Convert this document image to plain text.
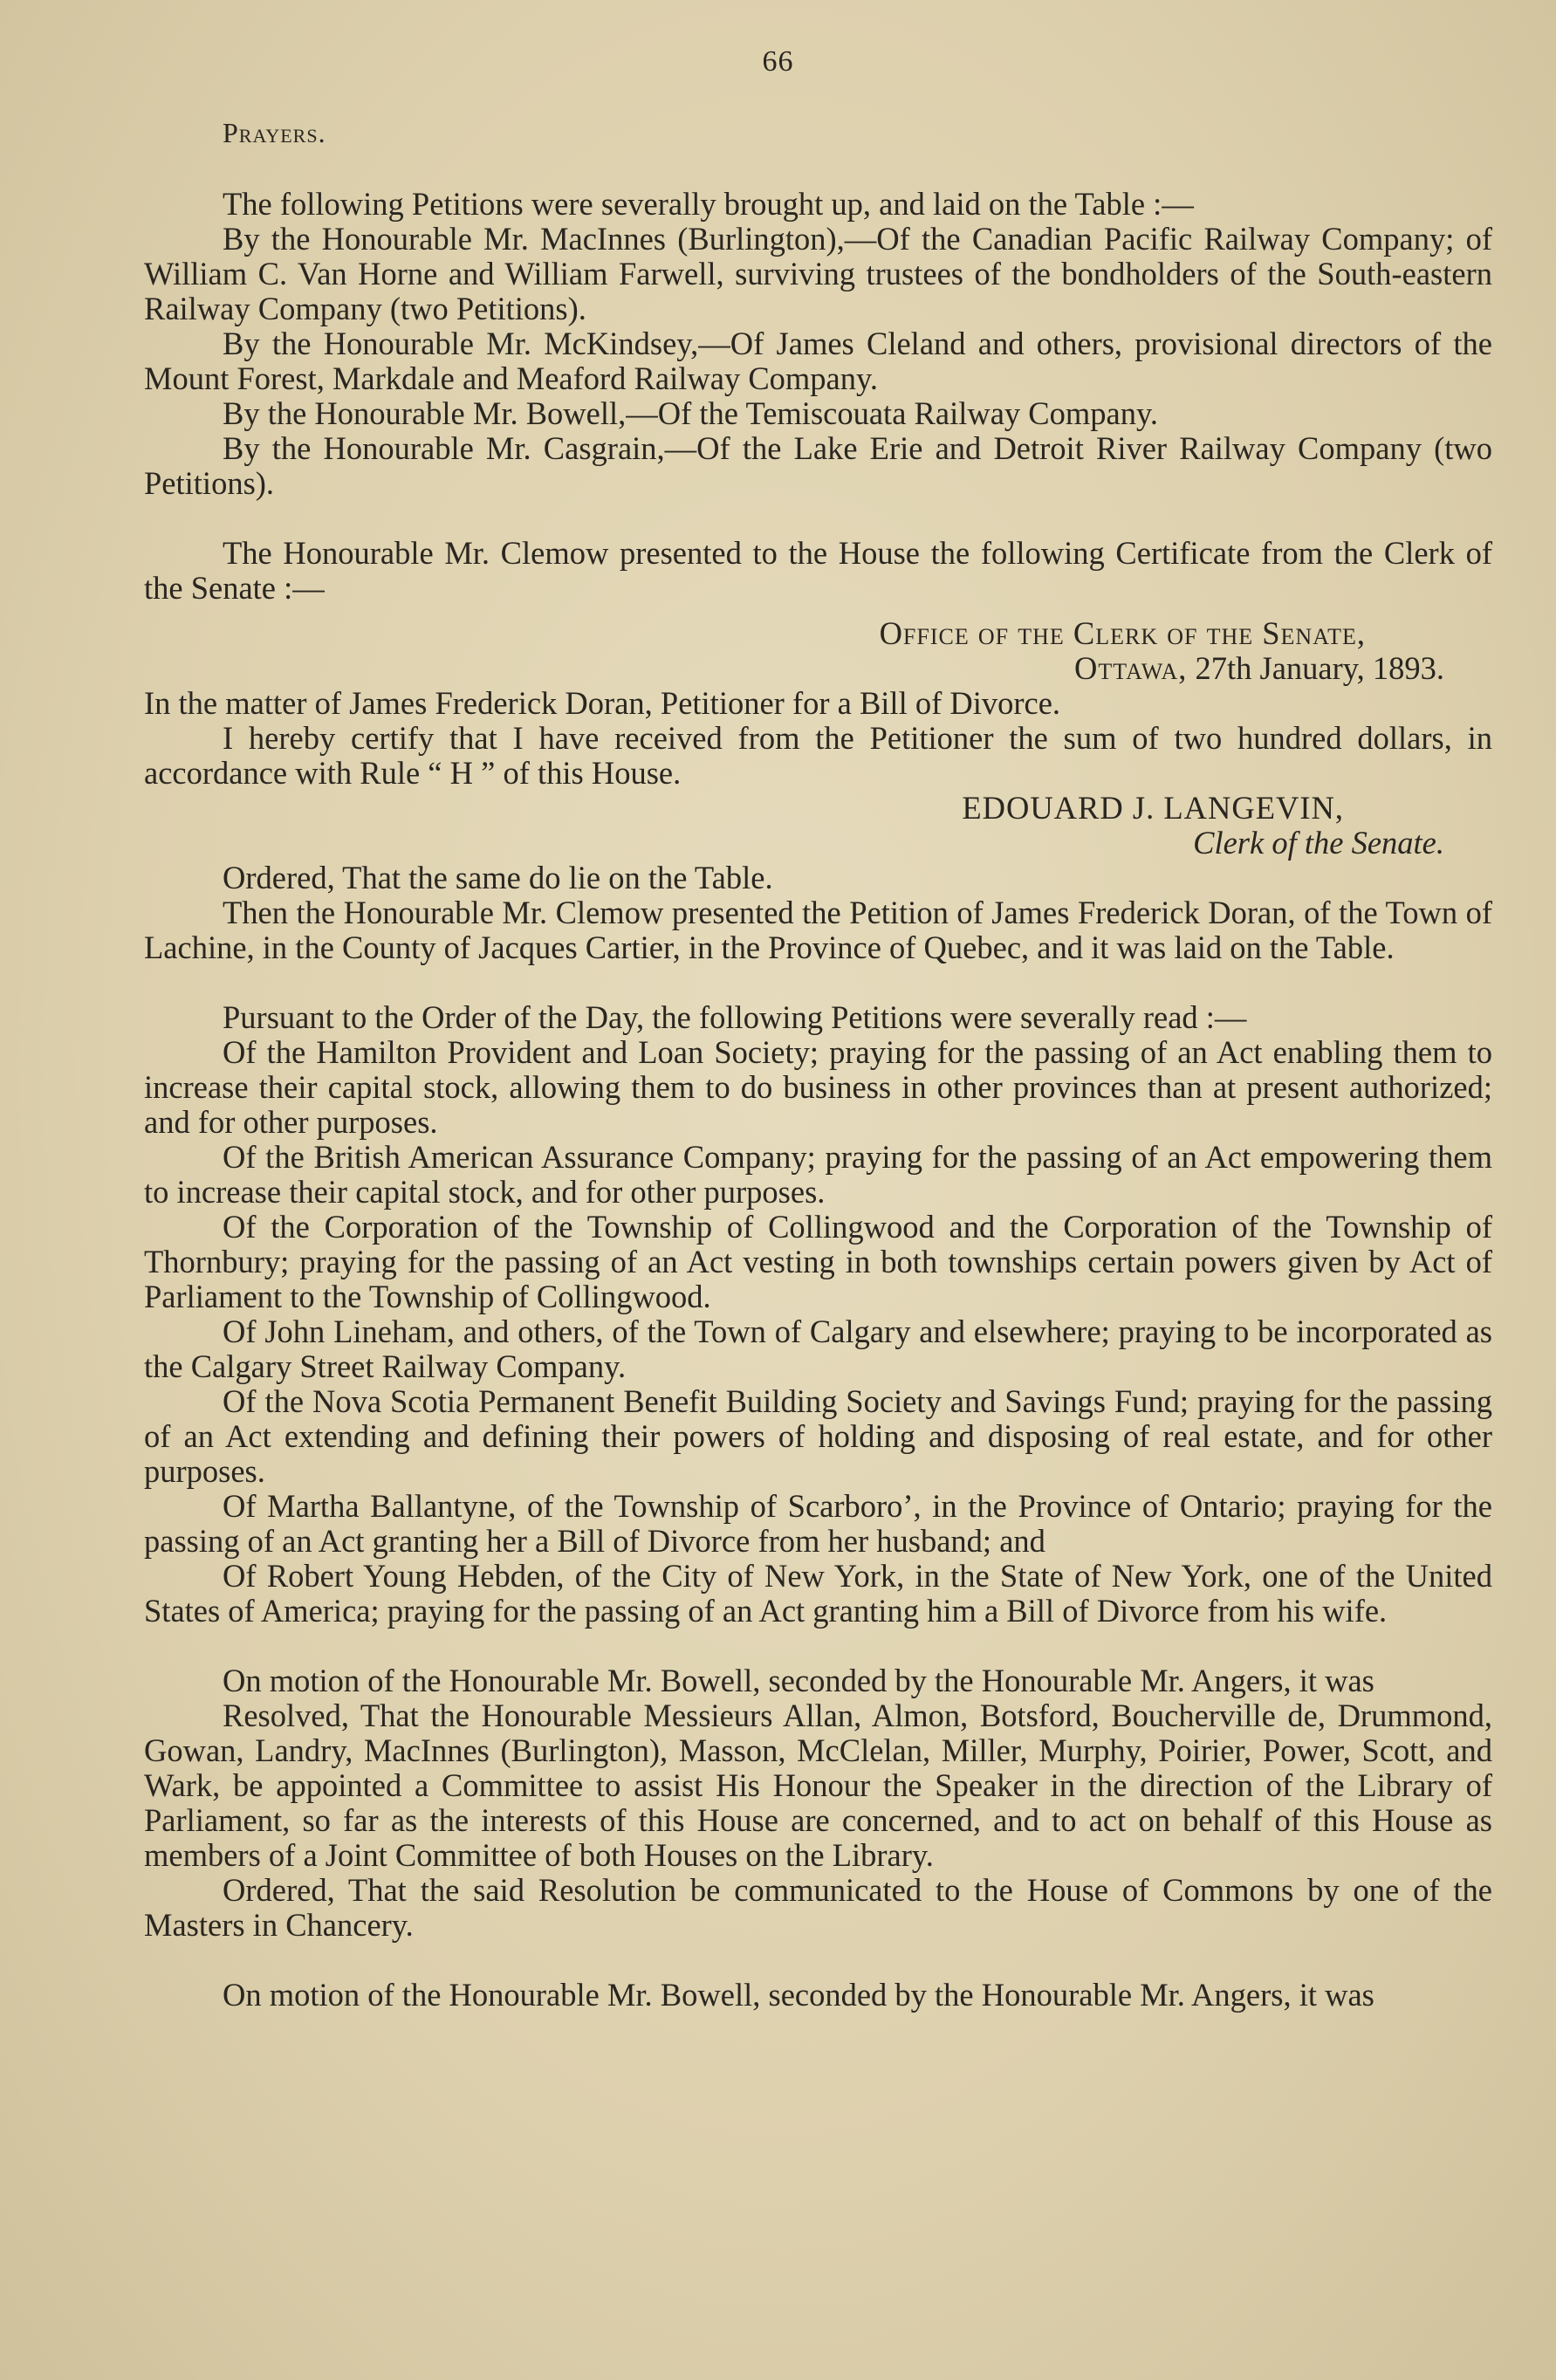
66
Prayers.

The following Petitions were severally brought up, and laid on the Table :—

By the Honourable Mr. MacInnes (Burlington),—Of the Canadian Pacific Railway Company; of William C. Van Horne and William Farwell, surviving trustees of the bondholders of the South-eastern Railway Company (two Petitions).

By the Honourable Mr. McKindsey,—Of James Cleland and others, provisional directors of the Mount Forest, Markdale and Meaford Railway Company.

By the Honourable Mr. Bowell,—Of the Temiscouata Railway Company.

By the Honourable Mr. Casgrain,—Of the Lake Erie and Detroit River Railway Company (two Petitions).

The Honourable Mr. Clemow presented to the House the following Certificate from the Clerk of the Senate :—

Office of the Clerk of the Senate,

Ottawa, 27th January, 1893.

In the matter of James Frederick Doran, Petitioner for a Bill of Divorce.

I hereby certify that I have received from the Petitioner the sum of two hundred dollars, in accordance with Rule “ H ” of this House.

EDOUARD J. LANGEVIN,

Clerk of the Senate.

Ordered, That the same do lie on the Table.

Then the Honourable Mr. Clemow presented the Petition of James Frederick Doran, of the Town of Lachine, in the County of Jacques Cartier, in the Province of Quebec, and it was laid on the Table.

Pursuant to the Order of the Day, the following Petitions were severally read :—

Of the Hamilton Provident and Loan Society; praying for the passing of an Act enabling them to increase their capital stock, allowing them to do business in other provinces than at present authorized; and for other purposes.

Of the British American Assurance Company; praying for the passing of an Act empowering them to increase their capital stock, and for other purposes.

Of the Corporation of the Township of Collingwood and the Corporation of the Township of Thornbury; praying for the passing of an Act vesting in both townships certain powers given by Act of Parliament to the Township of Collingwood.

Of John Lineham, and others, of the Town of Calgary and elsewhere; praying to be incorporated as the Calgary Street Railway Company.

Of the Nova Scotia Permanent Benefit Building Society and Savings Fund; praying for the passing of an Act extending and defining their powers of holding and disposing of real estate, and for other purposes.

Of Martha Ballantyne, of the Township of Scarboro’, in the Province of Ontario; praying for the passing of an Act granting her a Bill of Divorce from her husband; and

Of Robert Young Hebden, of the City of New York, in the State of New York, one of the United States of America; praying for the passing of an Act granting him a Bill of Divorce from his wife.

On motion of the Honourable Mr. Bowell, seconded by the Honourable Mr. Angers, it was

Resolved, That the Honourable Messieurs Allan, Almon, Botsford, Boucherville de, Drummond, Gowan, Landry, MacInnes (Burlington), Masson, McClelan, Miller, Murphy, Poirier, Power, Scott, and Wark, be appointed a Committee to assist His Honour the Speaker in the direction of the Library of Parliament, so far as the interests of this House are concerned, and to act on behalf of this House as members of a Joint Committee of both Houses on the Library.

Ordered, That the said Resolution be communicated to the House of Commons by one of the Masters in Chancery.

On motion of the Honourable Mr. Bowell, seconded by the Honourable Mr. Angers, it was
